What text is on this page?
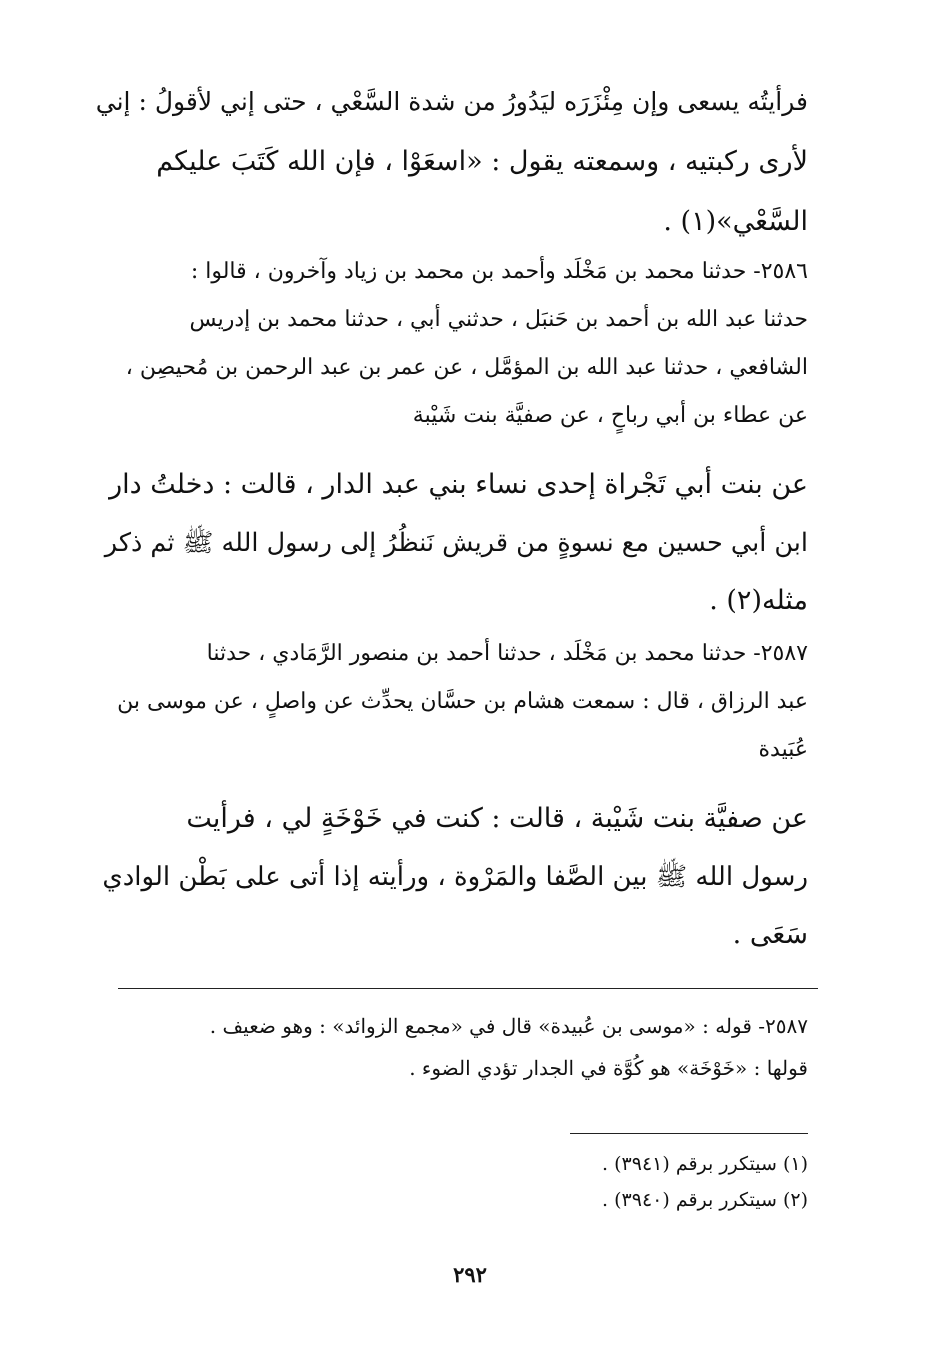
فرأيتُه يسعى وإن مِئْزَرَه ليَدُورُ من شدة السَّعْي ، حتى إني لأقولُ : إني
لأرى ركبتيه ، وسمعته يقول : «اسعَوْا ، فإن الله كَتَبَ عليكم
السَّعْي»(١) .
٢٥٨٦- حدثنا محمد بن مَخْلَد وأحمد بن محمد بن زياد وآخرون ، قالوا :
حدثنا عبد الله بن أحمد بن حَنبَل ، حدثني أبي ، حدثنا محمد بن إدريس
الشافعي ، حدثنا عبد الله بن المؤمَّل ، عن عمر بن عبد الرحمن بن مُحيصِن ،
عن عطاء بن أبي رباحٍ ، عن صفيَّة بنت شَيْبة
عن بنت أبي تَجْراة إحدى نساء بني عبد الدار ، قالت : دخلتُ دار
ابن أبي حسين مع نسوةٍ من قريش نَنظُرُ إلى رسول الله ﷺ ثم ذكر
مثله(٢) .
٢٥٨٧- حدثنا محمد بن مَخْلَد ، حدثنا أحمد بن منصور الرَّمَادي ، حدثنا
عبد الرزاق ، قال : سمعت هشام بن حسَّان يحدِّث عن واصلٍ ، عن موسى بن
عُبَيدة
عن صفيَّة بنت شَيْبة ، قالت : كنت في خَوْخَةٍ لي ، فرأيت
رسول الله ﷺ بين الصَّفا والمَرْوة ، ورأيته إذا أتى على بَطْن الوادي
سَعَى .
٢٥٨٧- قوله : «موسى بن عُبيدة» قال في «مجمع الزوائد» : وهو ضعيف .
قولها : «خَوْخَة» هو كُوَّة في الجدار تؤدي الضوء .
(١) سيتكرر برقم (٣٩٤١) .
(٢) سيتكرر برقم (٣٩٤٠) .
٢٩٢
